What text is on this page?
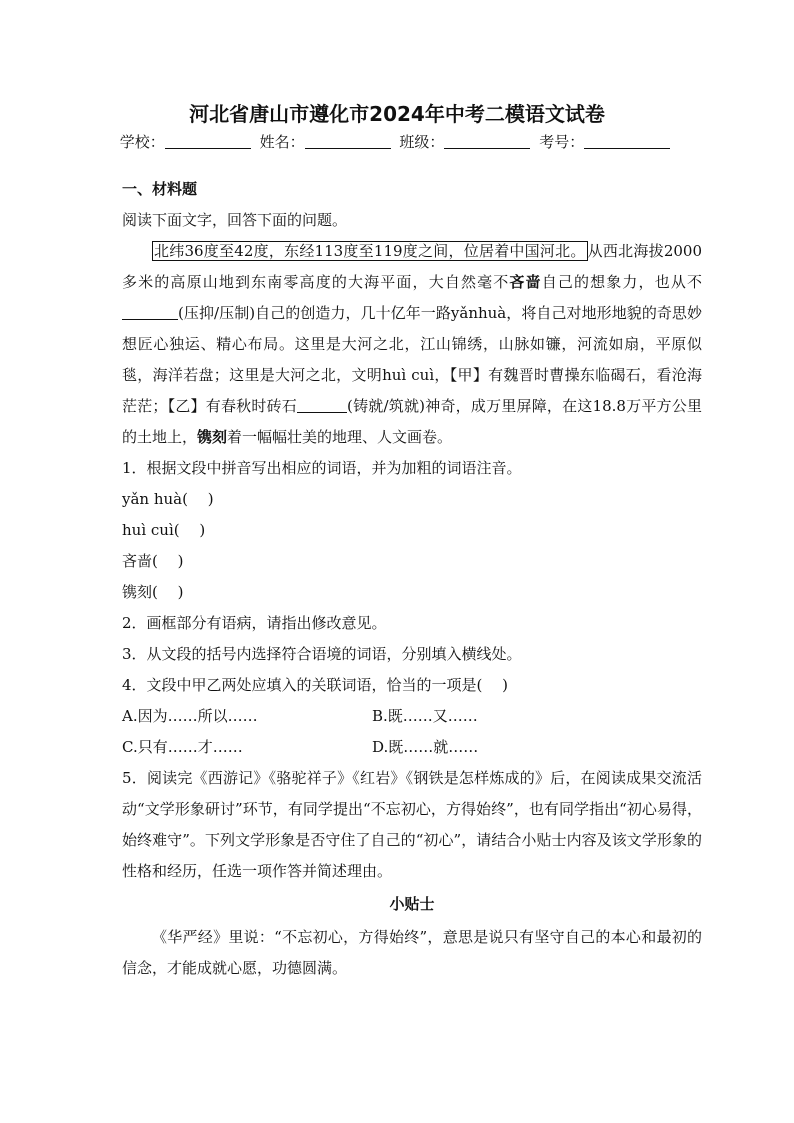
河北省唐山市遵化市2024年中考二模语文试卷
学校：	姓名：	班级：	考号：
一、材料题

阅读下面文字，回答下面的问题。

北纬36度至42度，东经113度至119度之间，位居着中国河北。 从西北海拔2000多米的高原山地到东南零高度的大海平面，大自然毫不吝啬自己的想象力，也从不(压抑/压制)自己的创造力，几十亿年一路yǎnhuà，将自己对地形地貌的奇思妙想匠心独运、精心布局。这里是大河之北，江山锦绣，山脉如镰，河流如扇，平原似毯，海洋若盘；这里是大河之北，文明huì cuì，【甲】有魏晋时曹操东临碣石，看沧海茫茫；【乙】有春秋时砖石	(铸就/筑就)神奇，成万里屏障，在这18.8万平方公里的土地上，镌刻着一幅幅壮美的地理、人文画卷。

1．根据文段中拼音写出相应的词语，并为加粗的词语注音。

yǎn huà(　 )

huì cuì(　 )

吝啬(　 )

镌刻(　 )

2．画框部分有语病，请指出修改意见。

3．从文段的括号内选择符合语境的词语，分别填入横线处。

4．文段中甲乙两处应填入的关联词语，恰当的一项是(　 )

A.因为……所以……	B.既……又……
C.只有……才……	D.既……就……

5．阅读完《西游记》《骆驼祥子》《红岩》《钢铁是怎样炼成的》后，在阅读成果交流活动“文学形象研讨”环节，有同学提出“不忘初心，方得始终”，也有同学指出“初心易得，始终难守”。下列文学形象是否守住了自己的“初心”，请结合小贴士内容及该文学形象的性格和经历，任选一项作答并简述理由。

小贴士

《华严经》里说：“不忘初心，方得始终”，意思是说只有坚守自己的本心和最初的信念，才能成就心愿，功德圆满。
